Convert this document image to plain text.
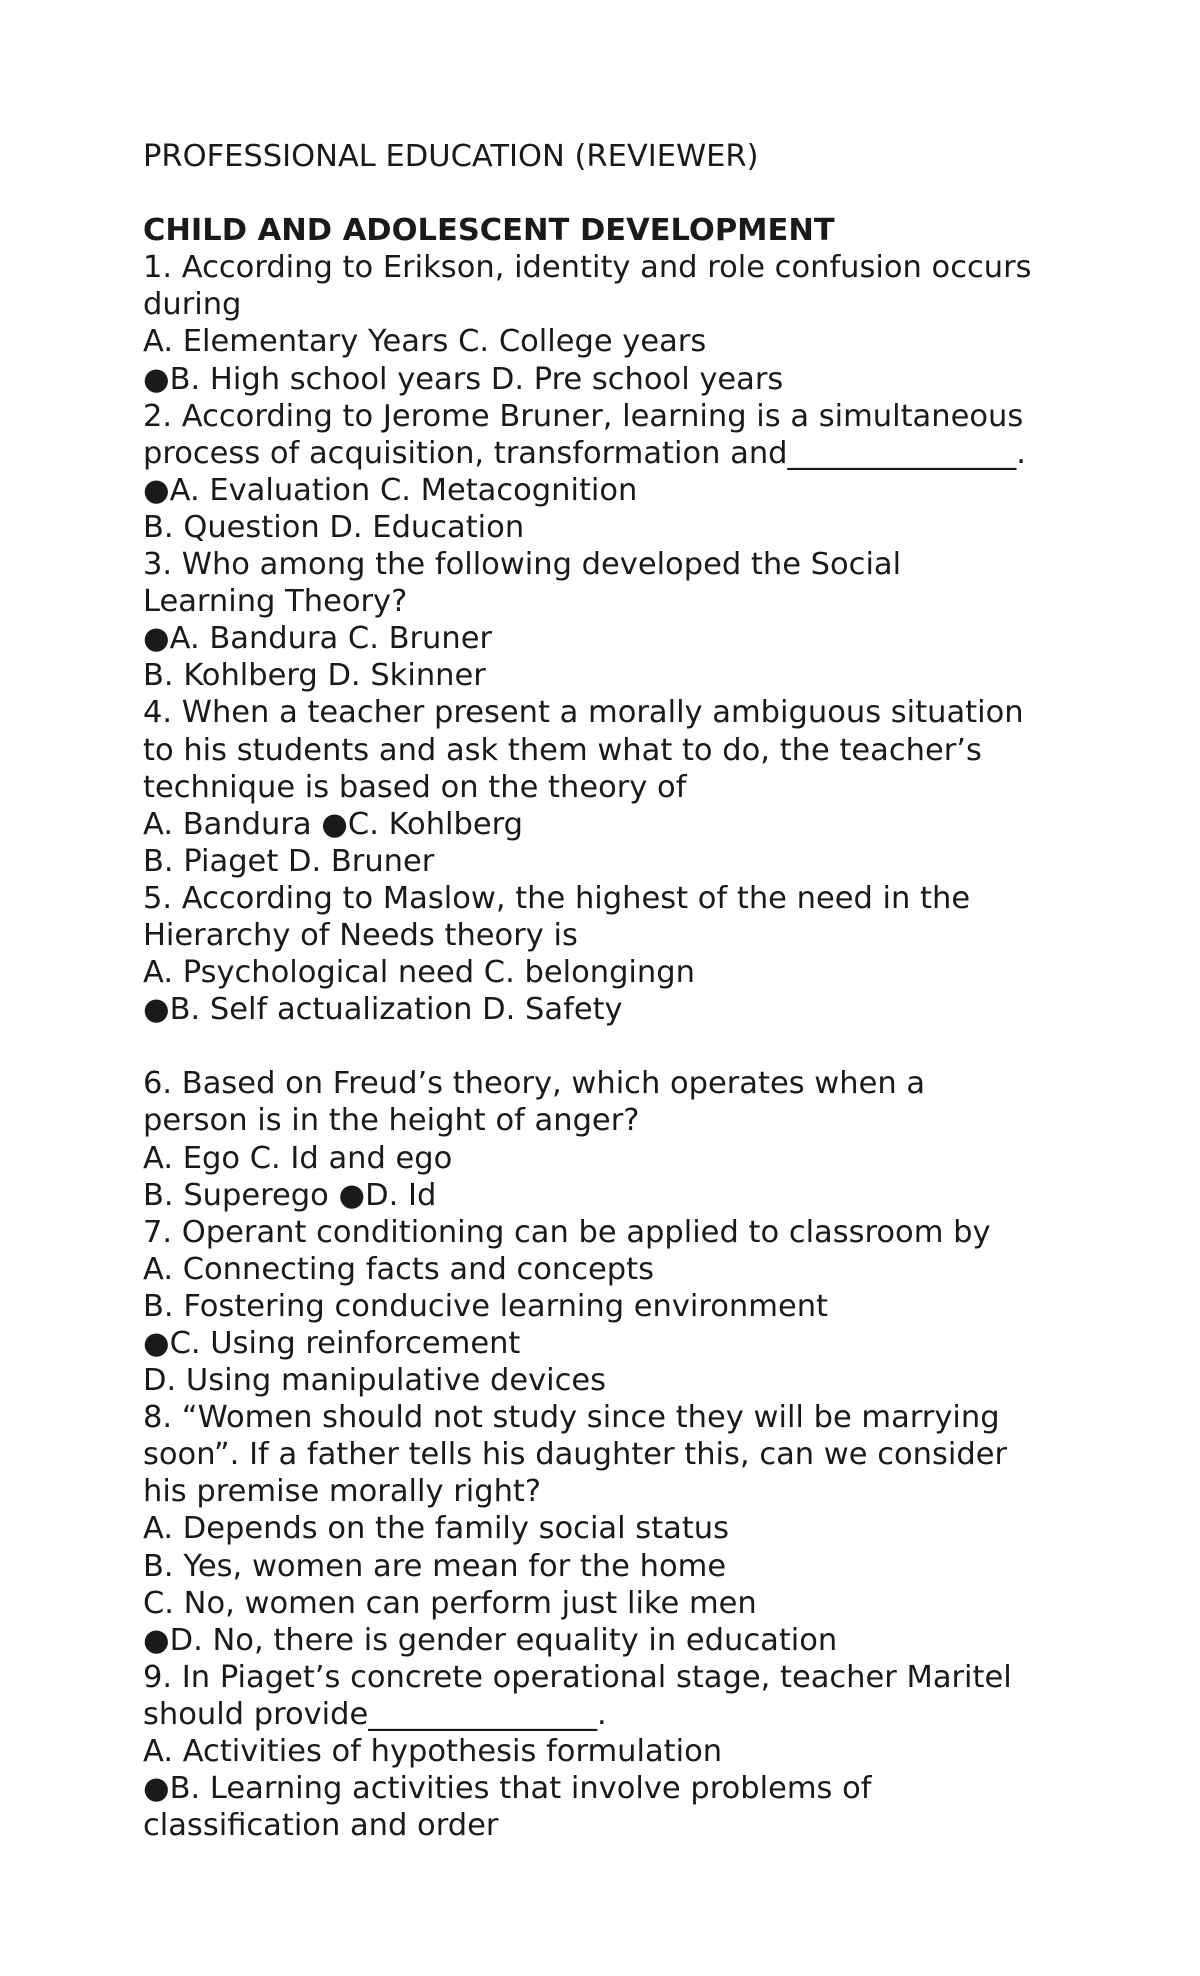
PROFESSIONAL EDUCATION (REVIEWER)
CHILD AND ADOLESCENT DEVELOPMENT
1. According to Erikson, identity and role confusion occurs
during
A. Elementary Years C. College years
●B. High school years D. Pre school years
2. According to Jerome Bruner, learning is a simultaneous
process of acquisition, transformation and_______________.
●A. Evaluation C. Metacognition
B. Question D. Education
3. Who among the following developed the Social
Learning Theory?
●A. Bandura C. Bruner
B. Kohlberg D. Skinner
4. When a teacher present a morally ambiguous situation
to his students and ask them what to do, the teacher’s
technique is based on the theory of
A. Bandura ●C. Kohlberg
B. Piaget D. Bruner
5. According to Maslow, the highest of the need in the
Hierarchy of Needs theory is
A. Psychological need C. belongingn
●B. Self actualization D. Safety
6. Based on Freud’s theory, which operates when a
person is in the height of anger?
A. Ego C. Id and ego
B. Superego ●D. Id
7. Operant conditioning can be applied to classroom by
A. Connecting facts and concepts
B. Fostering conducive learning environment
●C. Using reinforcement
D. Using manipulative devices
8. “Women should not study since they will be marrying
soon”. If a father tells his daughter this, can we consider
his premise morally right?
A. Depends on the family social status
B. Yes, women are mean for the home
C. No, women can perform just like men
●D. No, there is gender equality in education
9. In Piaget’s concrete operational stage, teacher Maritel
should provide_______________.
A. Activities of hypothesis formulation
●B. Learning activities that involve problems of
classification and order
